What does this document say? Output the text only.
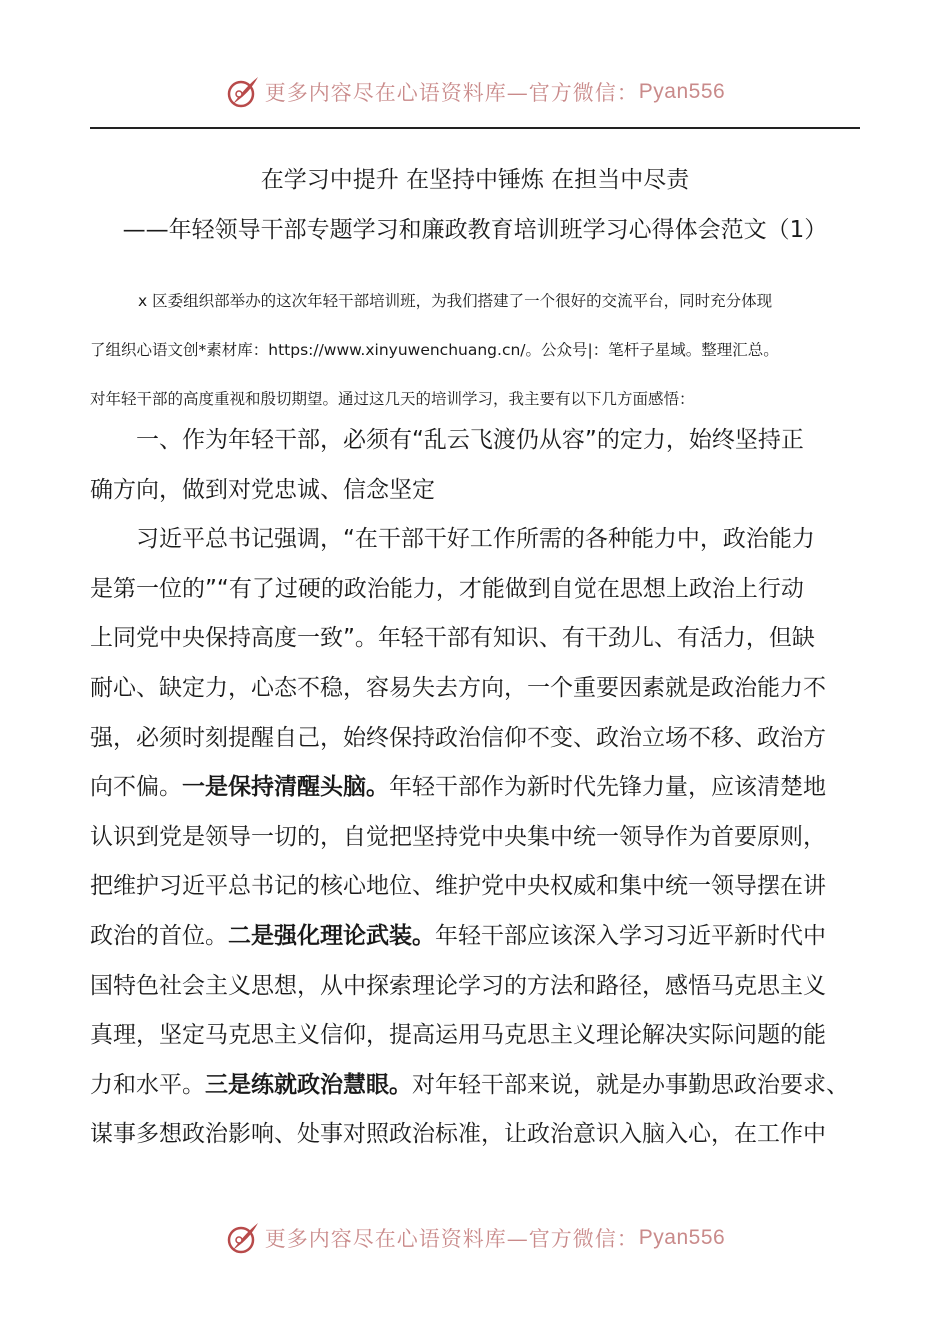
更多内容尽在心语资料库—官方微信： Pyan556
在学习中提升 在坚持中锤炼 在担当中尽责
——年轻领导干部专题学习和廉政教育培训班学习心得体会范文（1）

x 区委组织部举办的这次年轻干部培训班，为我们搭建了一个很好的交流平台，同时充分体现

了组织心语文创*素材库：https://www.xinyuwenchuang.cn/。公众号|：笔杆子星域。整理汇总。

对年轻干部的高度重视和殷切期望。通过这几天的培训学习，我主要有以下几方面感悟：

一、作为年轻干部，必须有“乱云飞渡仍从容”的定力，始终坚持正

确方向，做到对党忠诚、信念坚定

习近平总书记强调，“在干部干好工作所需的各种能力中，政治能力

是第一位的”“有了过硬的政治能力，才能做到自觉在思想上政治上行动

上同党中央保持高度一致”。年轻干部有知识、有干劲儿、有活力，但缺

耐心、缺定力，心态不稳，容易失去方向，一个重要因素就是政治能力不

强，必须时刻提醒自己，始终保持政治信仰不变、政治立场不移、政治方

向不偏。一是保持清醒头脑。年轻干部作为新时代先锋力量，应该清楚地

认识到党是领导一切的，自觉把坚持党中央集中统一领导作为首要原则，

把维护习近平总书记的核心地位、维护党中央权威和集中统一领导摆在讲

政治的首位。二是强化理论武装。年轻干部应该深入学习习近平新时代中

国特色社会主义思想，从中探索理论学习的方法和路径，感悟马克思主义

真理，坚定马克思主义信仰，提高运用马克思主义理论解决实际问题的能

力和水平。三是练就政治慧眼。对年轻干部来说，就是办事勤思政治要求、

谋事多想政治影响、处事对照政治标准，让政治意识入脑入心，在工作中

更多内容尽在心语资料库—官方微信： Pyan556
